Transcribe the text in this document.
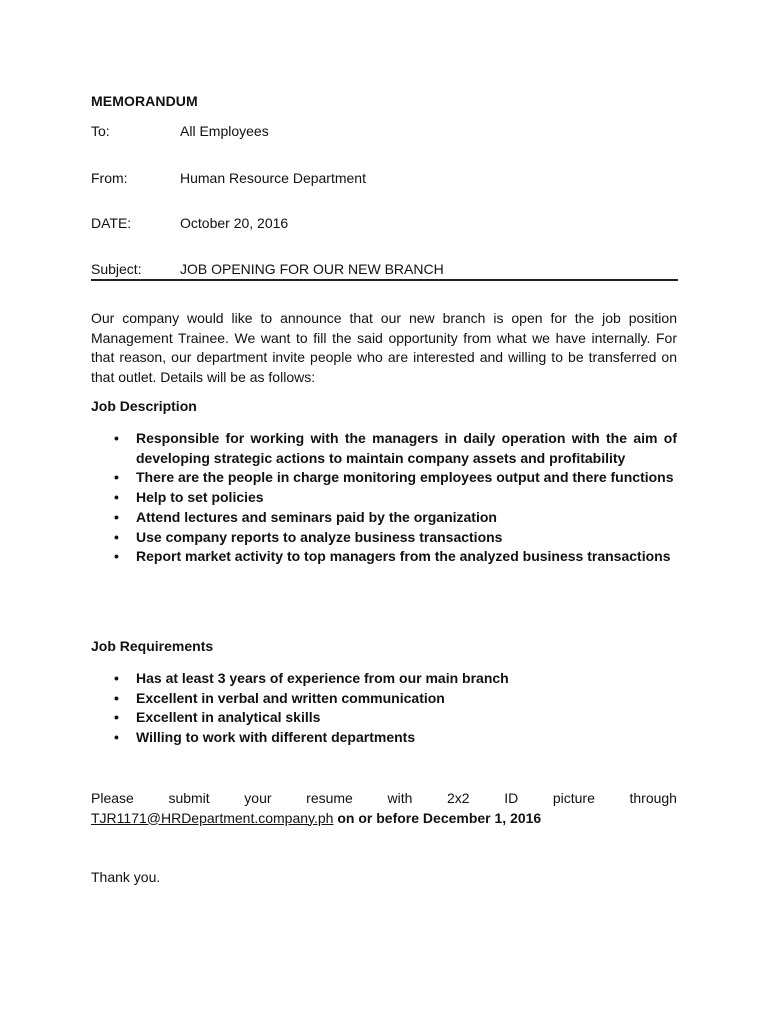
MEMORANDUM
To:	All Employees
From:	Human Resource Department
DATE:	October 20, 2016
Subject:	JOB OPENING FOR OUR NEW BRANCH
Our company would like to announce that our new branch is open for the job position Management Trainee. We want to fill the said opportunity from what we have internally. For that reason, our department invite people who are interested and willing to be transferred on that outlet. Details will be as follows:
Job Description
• Responsible for working with the managers in daily operation with the aim of developing strategic actions to maintain company assets and profitability
• There are the people in charge monitoring employees output and there functions
• Help to set policies
• Attend lectures and seminars paid by the organization
• Use company reports to analyze business transactions
• Report market activity to top managers from the analyzed business transactions
Job Requirements
• Has at least 3 years of experience from our main branch
• Excellent in verbal and written communication
• Excellent in analytical skills
• Willing to work with different departments
Please submit your resume with 2x2 ID picture through
TJR1171@HRDepartment.company.ph on or before December 1, 2016
Thank you.
